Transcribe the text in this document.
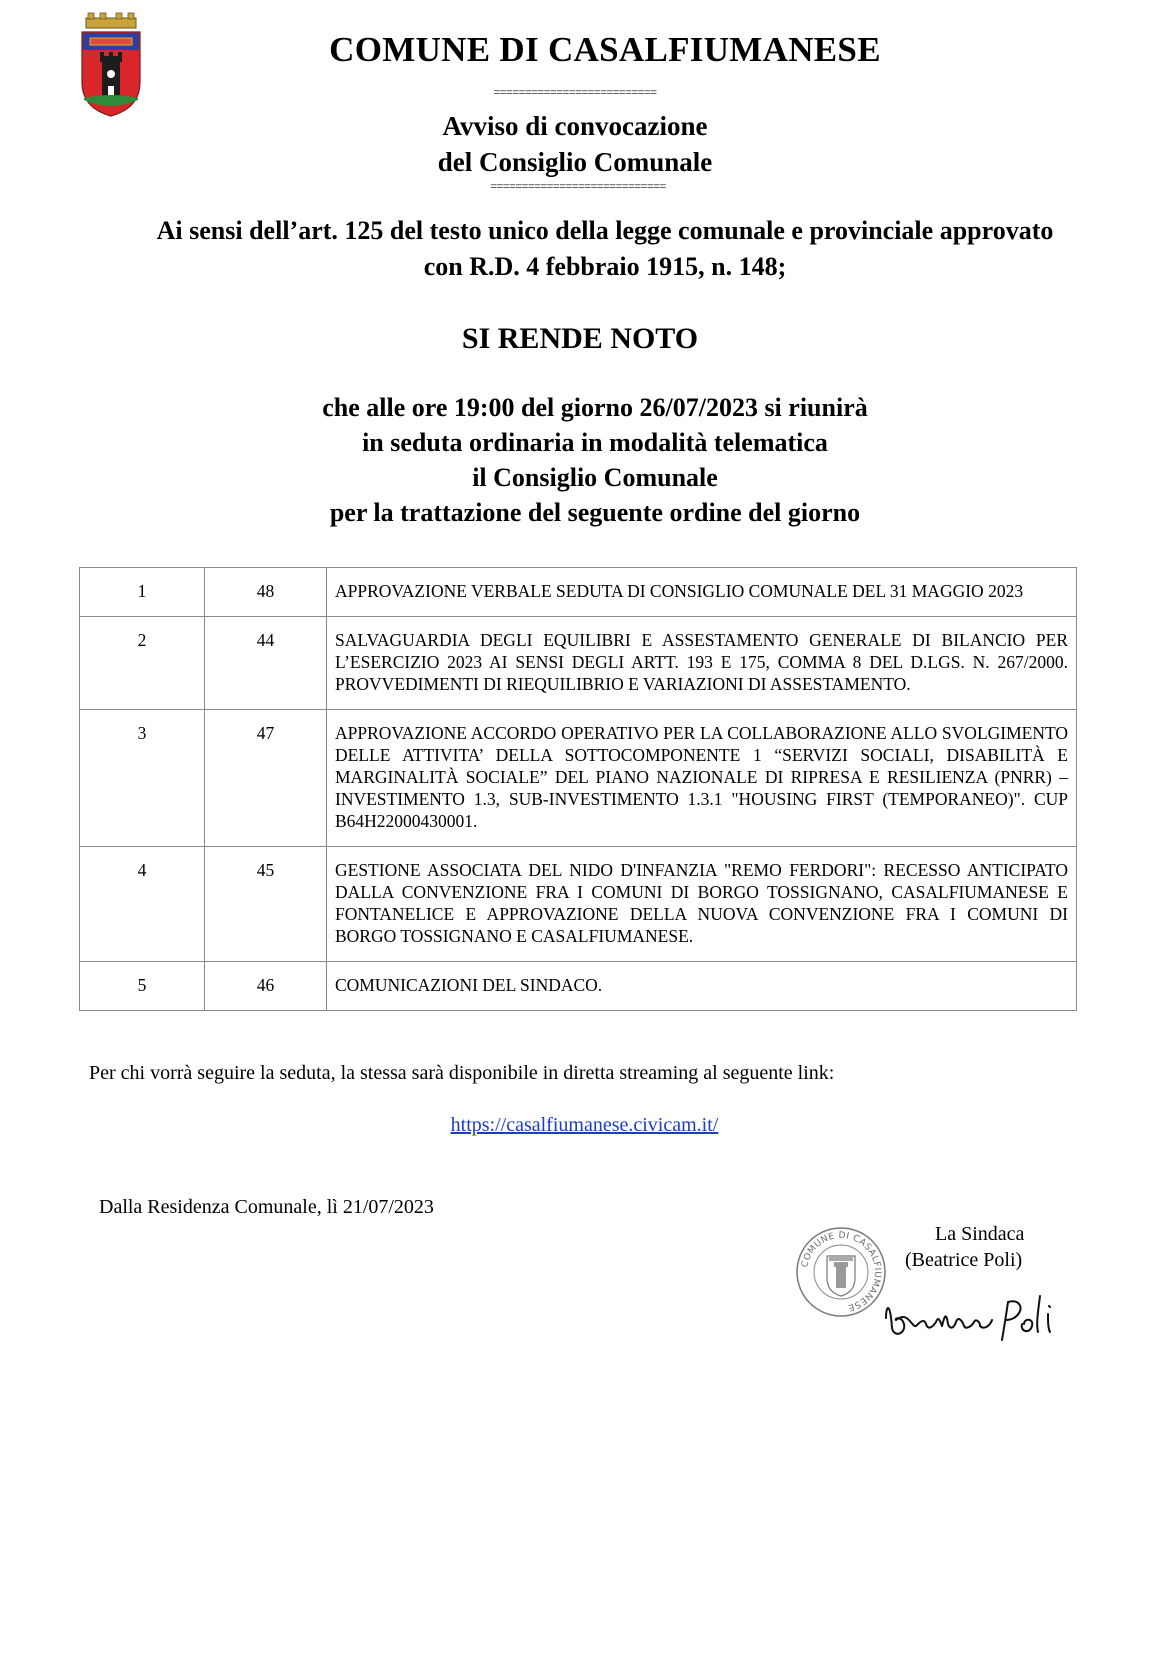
COMUNE DI CASALFIUMANESE
==========================
Avviso di convocazione
del Consiglio Comunale
============================
Ai sensi dell’art. 125 del testo unico della legge comunale e provinciale approvato
con R.D. 4 febbraio 1915, n. 148;
SI RENDE NOTO
che alle ore 19:00 del giorno 26/07/2023 si riunirà
in seduta ordinaria in modalità telematica
il Consiglio Comunale
per la trattazione del seguente ordine del giorno
1	48	APPROVAZIONE VERBALE SEDUTA DI CONSIGLIO COMUNALE DEL 31 MAGGIO 2023
2	44	SALVAGUARDIA DEGLI EQUILIBRI E ASSESTAMENTO GENERALE DI BILANCIO PER L’ESERCIZIO 2023 AI SENSI DEGLI ARTT. 193 E 175, COMMA 8 DEL D.LGS. N. 267/2000. PROVVEDIMENTI DI RIEQUILIBRIO E VARIAZIONI DI ASSESTAMENTO.
3	47	APPROVAZIONE ACCORDO OPERATIVO PER LA COLLABORAZIONE ALLO SVOLGIMENTO DELLE ATTIVITA’ DELLA SOTTOCOMPONENTE 1 “SERVIZI SOCIALI, DISABILITÀ E MARGINALITÀ SOCIALE” DEL PIANO NAZIONALE DI RIPRESA E RESILIENZA (PNRR) – INVESTIMENTO 1.3, SUB-INVESTIMENTO 1.3.1 "HOUSING FIRST (TEMPORANEO)". CUP B64H22000430001.
4	45	GESTIONE ASSOCIATA DEL NIDO D'INFANZIA "REMO FERDORI": RECESSO ANTICIPATO DALLA CONVENZIONE FRA I COMUNI DI BORGO TOSSIGNANO, CASALFIUMANESE E FONTANELICE E APPROVAZIONE DELLA NUOVA CONVENZIONE FRA I COMUNI DI BORGO TOSSIGNANO E CASALFIUMANESE.
5	46	COMUNICAZIONI DEL SINDACO.
Per chi vorrà seguire la seduta, la stessa sarà disponibile in diretta streaming al seguente link:
https://casalfiumanese.civicam.it/
Dalla Residenza Comunale, lì 21/07/2023
La Sindaca
(Beatrice Poli)
COMUNE DI CASALFIUMANESE
